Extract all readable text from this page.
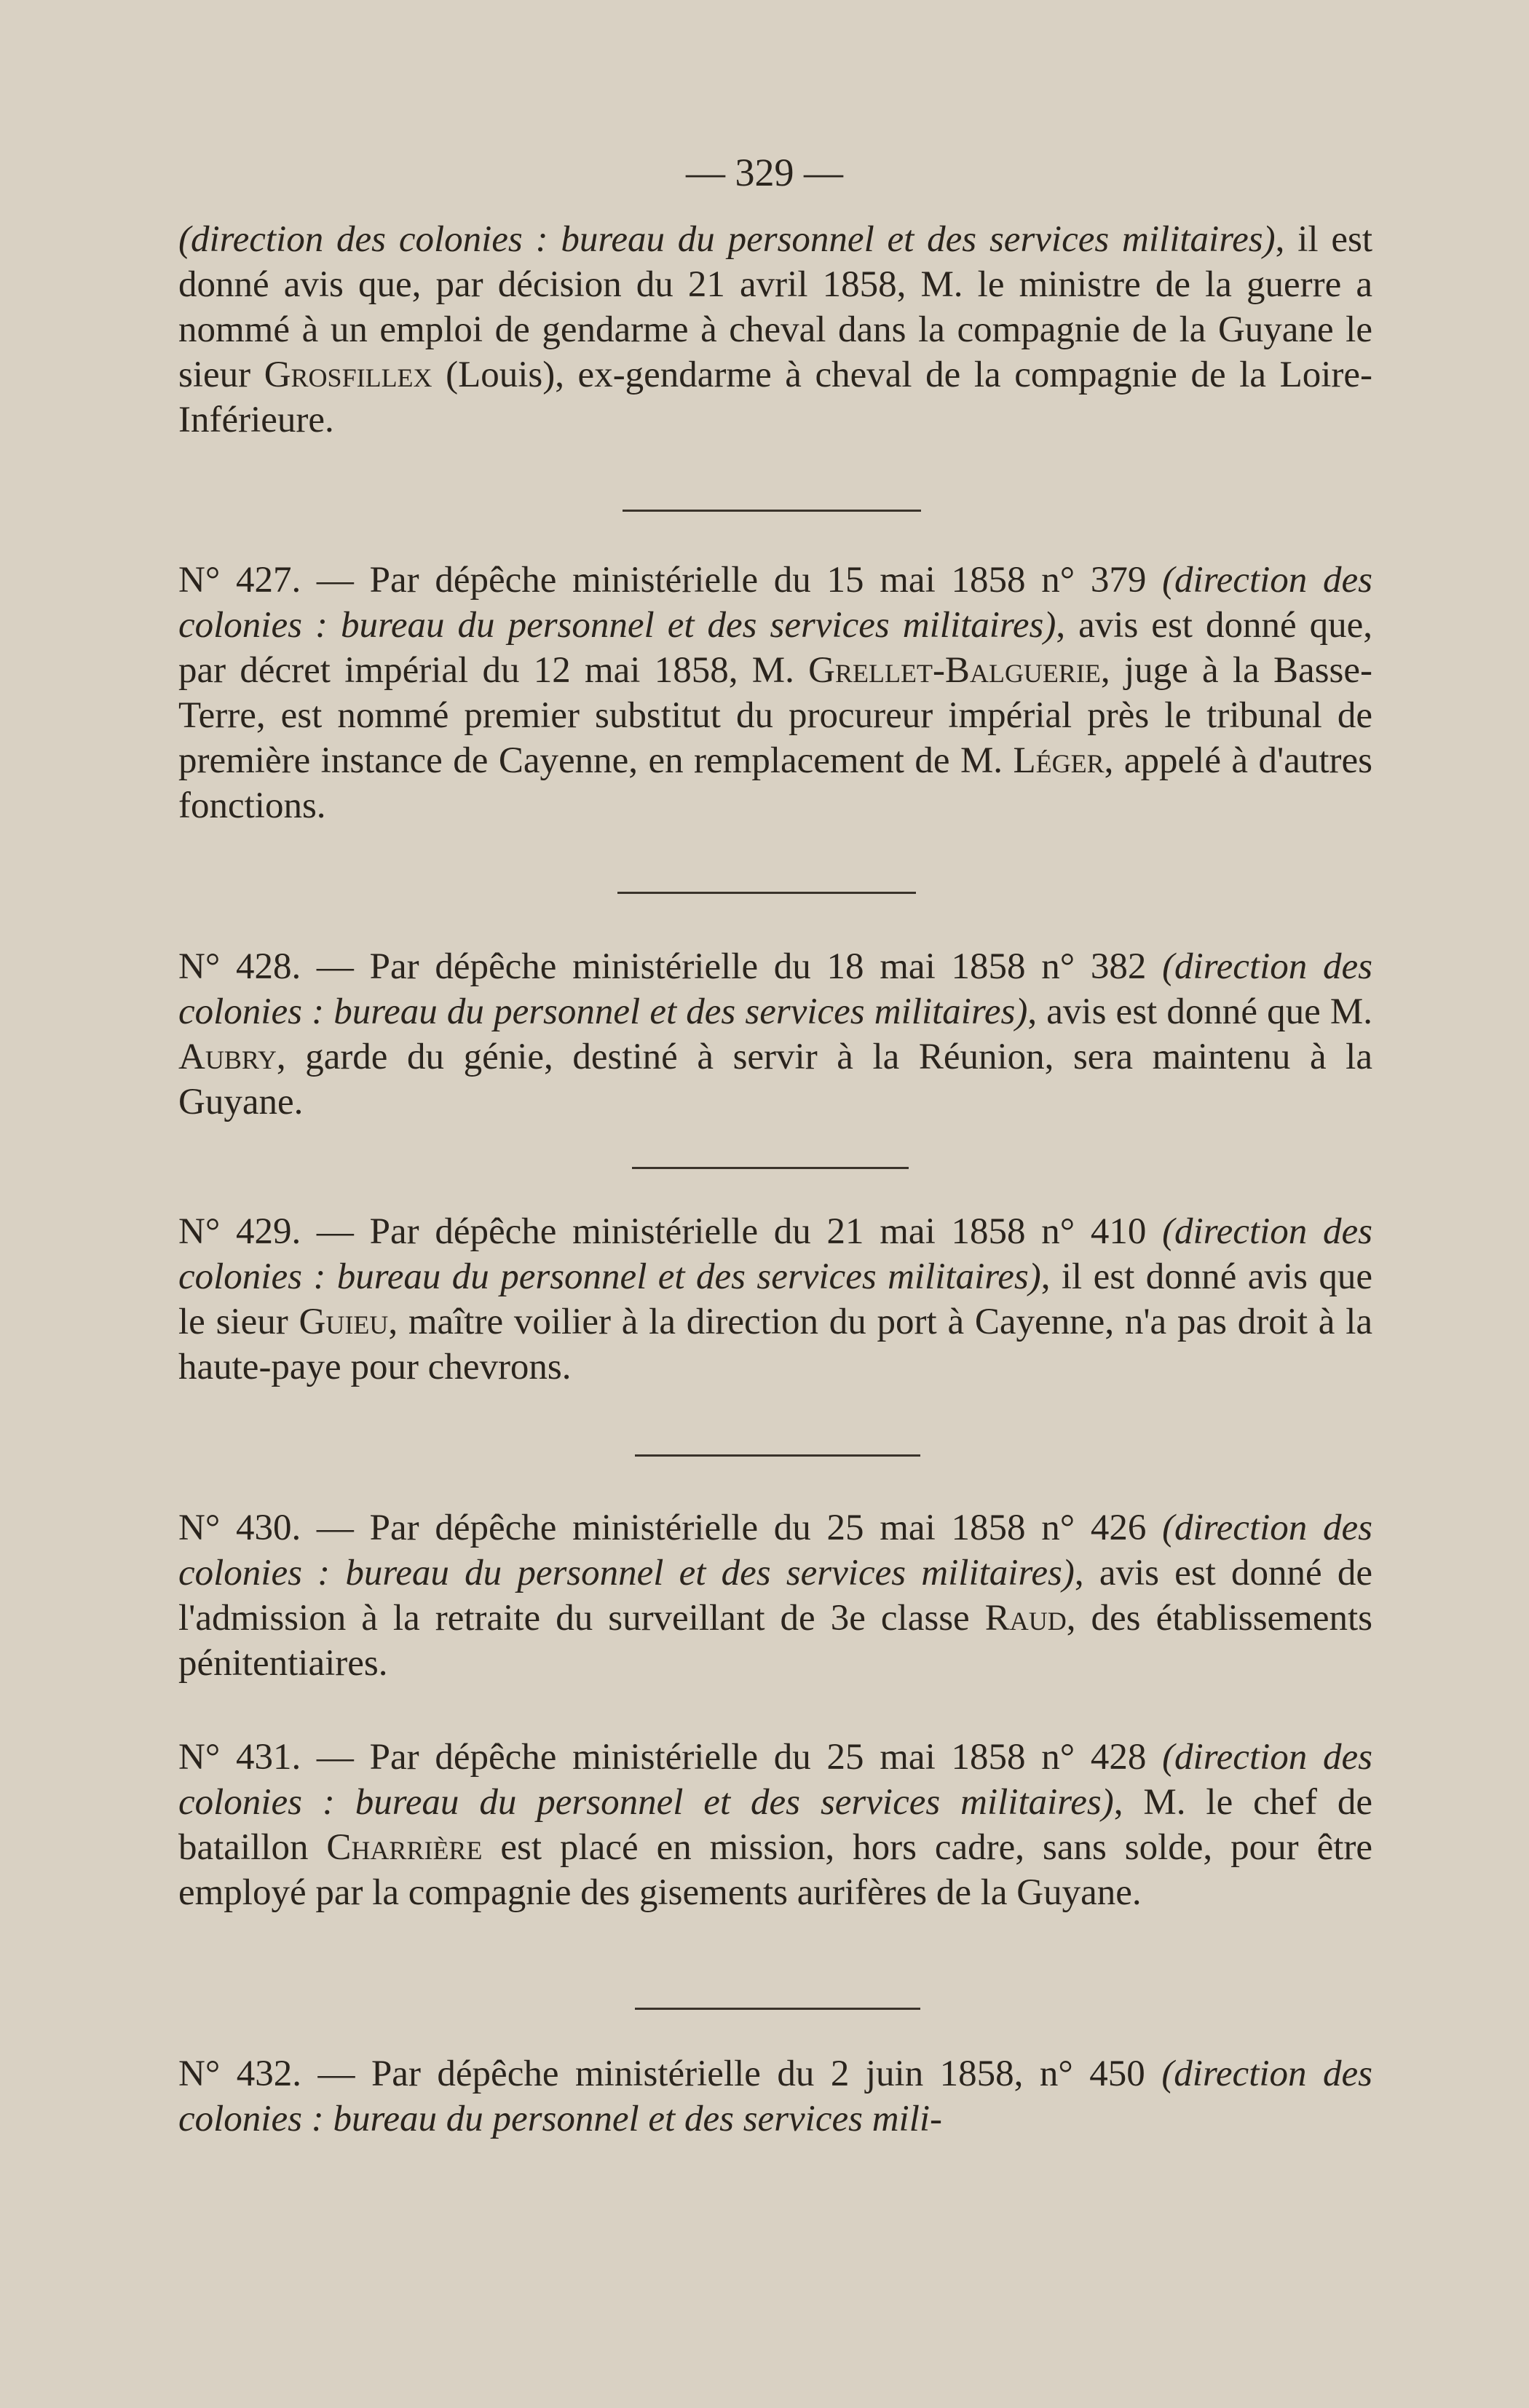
— 329 —
(direction des colonies : bureau du personnel et des services militaires), il est donné avis que, par décision du 21 avril 1858, M. le ministre de la guerre a nommé à un emploi de gendarme à cheval dans la compagnie de la Guyane le sieur Grosfillex (Louis), ex-gendarme à cheval de la compagnie de la Loire-Inférieure.
N° 427. — Par dépêche ministérielle du 15 mai 1858 n° 379 (direction des colonies : bureau du personnel et des services militaires), avis est donné que, par décret impérial du 12 mai 1858, M. Grellet-Balguerie, juge à la Basse-Terre, est nommé premier substitut du procureur impérial près le tribunal de première instance de Cayenne, en remplacement de M. Léger, appelé à d'autres fonctions.
N° 428. — Par dépêche ministérielle du 18 mai 1858 n° 382 (direction des colonies : bureau du personnel et des services militaires), avis est donné que M. Aubry, garde du génie, destiné à servir à la Réunion, sera maintenu à la Guyane.
N° 429. — Par dépêche ministérielle du 21 mai 1858 n° 410 (direction des colonies : bureau du personnel et des services militaires), il est donné avis que le sieur Guieu, maître voilier à la direction du port à Cayenne, n'a pas droit à la haute-paye pour chevrons.
N° 430. — Par dépêche ministérielle du 25 mai 1858 n° 426 (direction des colonies : bureau du personnel et des services militaires), avis est donné de l'admission à la retraite du surveillant de 3e classe Raud, des établissements pénitentiaires.
N° 431. — Par dépêche ministérielle du 25 mai 1858 n° 428 (direction des colonies : bureau du personnel et des services militaires), M. le chef de bataillon Charrière est placé en mission, hors cadre, sans solde, pour être employé par la compagnie des gisements aurifères de la Guyane.
N° 432. — Par dépêche ministérielle du 2 juin 1858, n° 450 (direction des colonies : bureau du personnel et des services mili-
